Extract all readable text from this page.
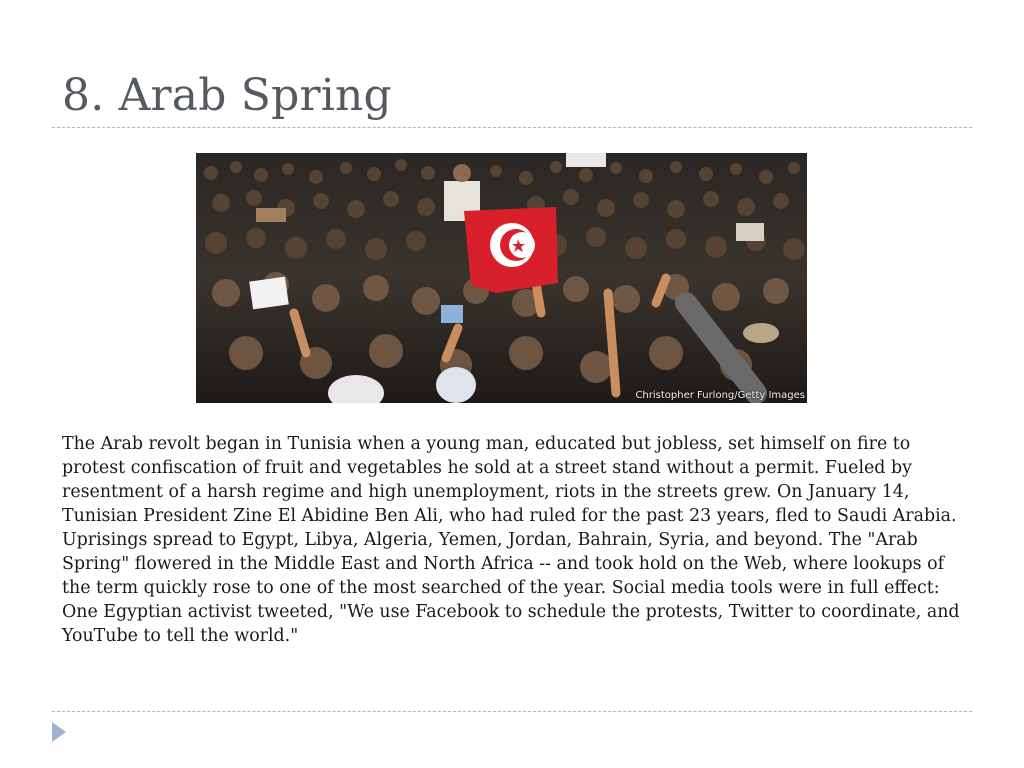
8. Arab Spring
Christopher Furlong/Getty Images

The Arab revolt began in Tunisia when a young man, educated but jobless, set himself on fire to protest confiscation of fruit and vegetables he sold at a street stand without a permit. Fueled by resentment of a harsh regime and high unemployment, riots in the streets grew. On January 14, Tunisian President Zine El Abidine Ben Ali, who had ruled for the past 23 years, fled to Saudi Arabia.

Uprisings spread to Egypt, Libya, Algeria, Yemen, Jordan, Bahrain, Syria, and beyond. The "Arab Spring" flowered in the Middle East and North Africa -- and took hold on the Web, where lookups of the term quickly rose to one of the most searched of the year. Social media tools were in full effect: One Egyptian activist tweeted, "We use Facebook to schedule the protests, Twitter to coordinate, and YouTube to tell the world."
